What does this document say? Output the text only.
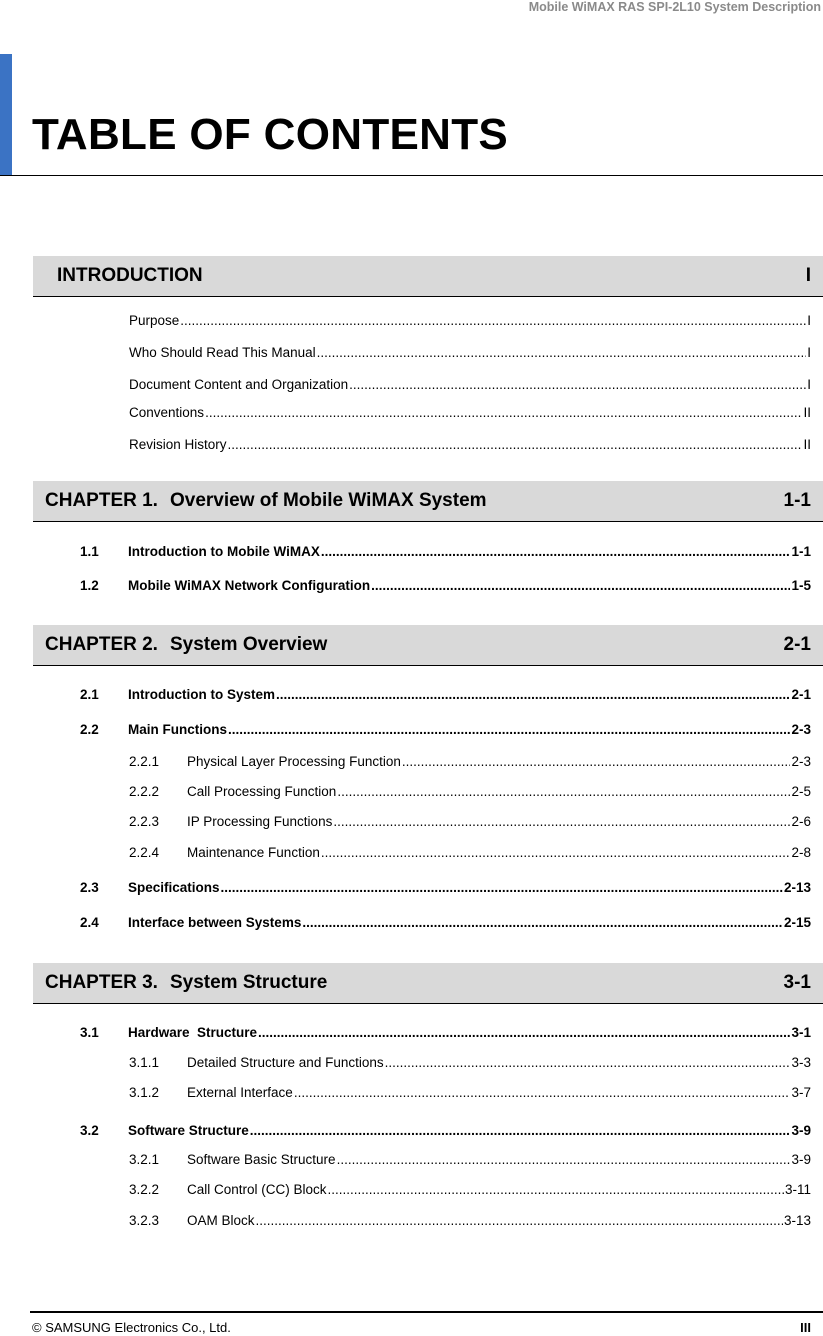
Mobile WiMAX RAS SPI-2L10 System Description
TABLE OF CONTENTS
INTRODUCTION	I
Purpose .....	I
Who Should Read This Manual .....	I
Document Content and Organization .....	I
Conventions .....	II
Revision History .....	II
CHAPTER 1. Overview of Mobile WiMAX System	1-1
1.1 Introduction to Mobile WiMAX .....	1-1
1.2 Mobile WiMAX Network Configuration .....	1-5
CHAPTER 2. System Overview	2-1
2.1 Introduction to System .....	2-1
2.2 Main Functions .....	2-3
2.2.1 Physical Layer Processing Function .....	2-3
2.2.2 Call Processing Function .....	2-5
2.2.3 IP Processing Functions .....	2-6
2.2.4 Maintenance Function .....	2-8
2.3 Specifications .....	2-13
2.4 Interface between Systems .....	2-15
CHAPTER 3. System Structure	3-1
3.1 Hardware  Structure .....	3-1
3.1.1 Detailed Structure and Functions .....	3-3
3.1.2 External Interface .....	3-7
3.2 Software Structure .....	3-9
3.2.1 Software Basic Structure .....	3-9
3.2.2 Call Control (CC) Block .....	3-11
3.2.3 OAM Block .....	3-13
© SAMSUNG Electronics Co., Ltd.	III
